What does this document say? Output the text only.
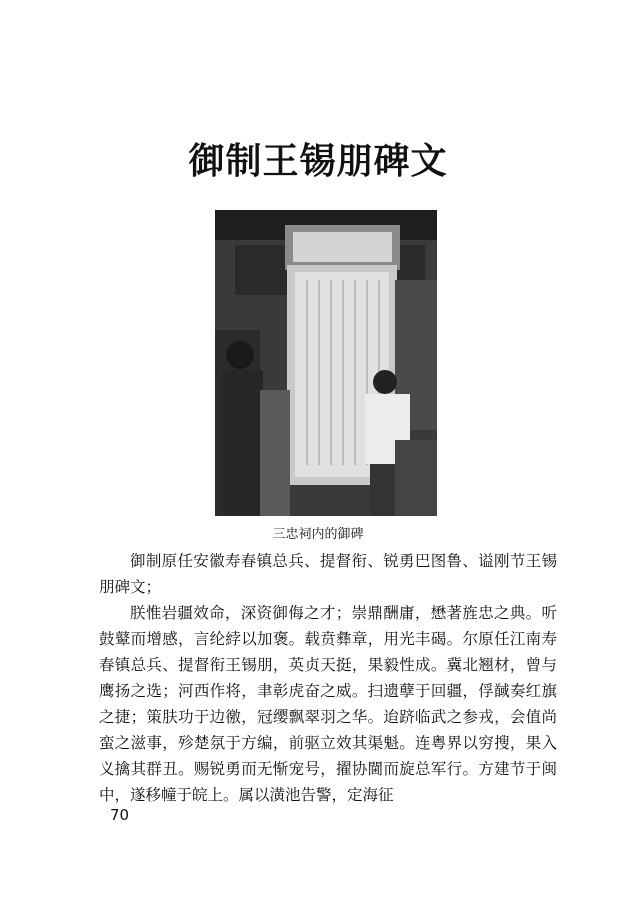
御制王锡朋碑文
三忠祠内的御碑

御制原任安徽寿春镇总兵、提督衔、锐勇巴图鲁、谥刚节王锡朋碑文；

朕惟岩疆效命，深资御侮之才；崇鼎酬庸，懋著旌忠之典。听鼓鼙而增感，言纶綍以加褒。载贲彝章，用光丰碣。尔原任江南寿春镇总兵、提督衔王锡朋，英贞天挺，果毅性成。冀北翘材，曾与鹰扬之选；河西作将，聿彰虎奋之威。扫遗孽于回疆，俘馘奏红旗之捷；策肤功于边徼，冠缨飘翠羽之华。迨跻临武之参戎，会值尚蛮之滋事，殄楚氛于方编，前驱立效其渠魁。连粤界以穷搜，果入义擒其群丑。赐锐勇而无惭宠号，擢协閫而旋总军行。方建节于闽中，遂移幢于皖上。属以潢池告警，定海征

70
